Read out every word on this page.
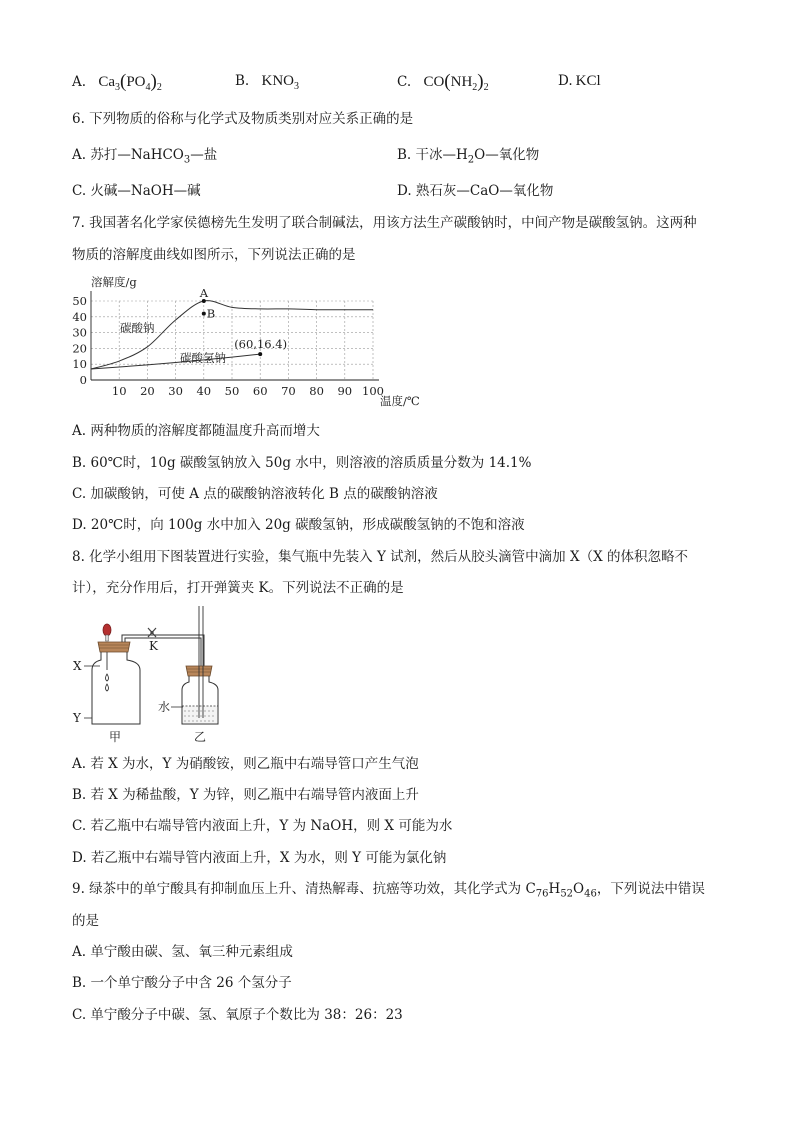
A. $Ca_3(PO_4)_2$	B. $KNO_3$	C. $CO(NH_2)_2$	D. KCl
6. 下列物质的俗称与化学式及物质类别对应关系正确的是
A. 苏打—NaHCO$_3$—盐	B. 干冰$—H_2O—$氧化物
C. 火碱—NaOH—碱	D. 熟石灰—CaO—氧化物
7. 我国著名化学家侯德榜先生发明了联合制碱法，用该方法生产碳酸钠时，中间产物是碳酸氢钠。这两种
物质的溶解度曲线如图所示，下列说法正确的是
10 20 30 40 50 60 70 80 90 100
0
10
20
30
40
50
A
B
(60,16.4)
溶解度/g
温度/℃
碳酸钠
碳酸氢钠
A. 两种物质的溶解度都随温度升高而增大
B. 60℃时，10g 碳酸氢钠放入 50g 水中，则溶液的溶质质量分数为 14.1%
C. 加碳酸钠，可使 A 点的碳酸钠溶液转化 B 点的碳酸钠溶液
D. 20℃时，向 100g 水中加入 20g 碳酸氢钠，形成碳酸氢钠的不饱和溶液
8. 化学小组用下图装置进行实验，集气瓶中先装入 Y 试剂，然后从胶头滴管中滴加 X（X 的体积忽略不
计），充分作用后，打开弹簧夹 K。下列说法不正确的是
K
X
Y
水
甲	乙
A. 若 X 为水，Y 为硝酸铵，则乙瓶中右端导管口产生气泡
B. 若 X 为稀盐酸，Y 为锌，则乙瓶中右端导管内液面上升
C. 若乙瓶中右端导管内液面上升，Y 为 NaOH，则 X 可能为水
D. 若乙瓶中右端导管内液面上升，X 为水，则 Y 可能为氯化钠
9. 绿茶中的单宁酸具有抑制血压上升、清热解毒、抗癌等功效，其化学式为 $C_{76}H_{52}O_{46}$，下列说法中错误
的是
A. 单宁酸由碳、氢、氧三种元素组成
B. 一个单宁酸分子中含 26 个氢分子
C. 单宁酸分子中碳、氢、氧原子个数比为 38：26：23
